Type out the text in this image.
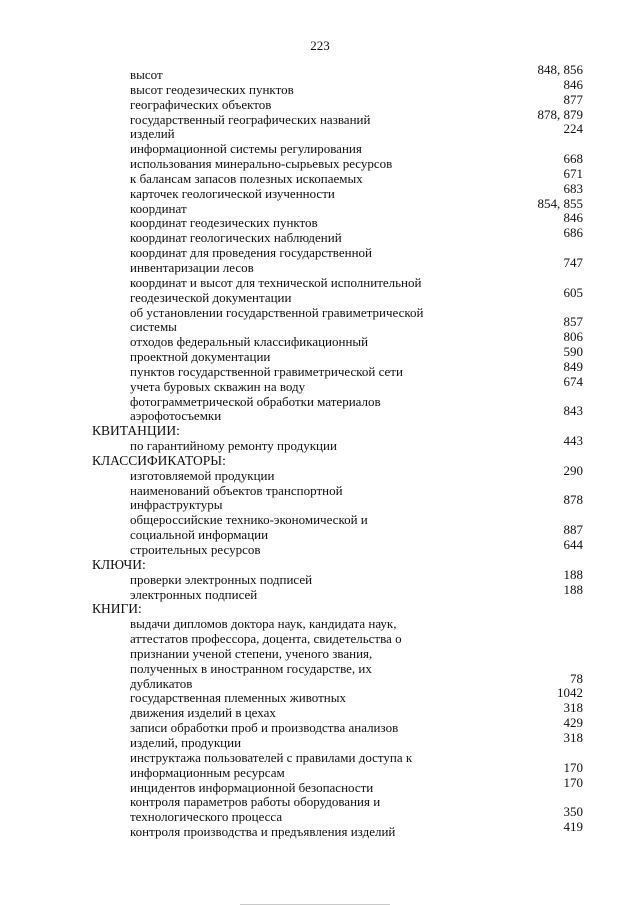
223
высот	848, 856
высот геодезических пунктов	846
географических объектов	877
государственный географических названий	878, 879
изделий	224
информационной системы регулирования
использования минерально-сырьевых ресурсов	668
к балансам запасов полезных ископаемых	671
карточек геологической изученности	683
координат	854, 855
координат геодезических пунктов	846
координат геологических наблюдений	686
координат для проведения государственной
инвентаризации лесов	747
координат и высот для технической исполнительной
геодезической документации	605
об установлении государственной гравиметрической
системы	857
отходов федеральный классификационный	806
проектной документации	590
пунктов государственной гравиметрической сети	849
учета буровых скважин на воду	674
фотограмметрической обработки материалов
аэрофотосъемки	843
КВИТАНЦИИ:
по гарантийному ремонту продукции	443
КЛАССИФИКАТОРЫ:
изготовляемой продукции	290
наименований объектов транспортной
инфраструктуры	878
общероссийские технико-экономической и
социальной информации	887
строительных ресурсов	644
КЛЮЧИ:
проверки электронных подписей	188
электронных подписей	188
КНИГИ:
выдачи дипломов доктора наук, кандидата наук,
аттестатов профессора, доцента, свидетельства о
признании ученой степени, ученого звания,
полученных в иностранном государстве, их
дубликатов	78
государственная племенных животных	1042
движения изделий в цехах	318
записи обработки проб и производства анализов	429
изделий, продукции	318
инструктажа пользователей с правилами доступа к
информационным ресурсам	170
инцидентов информационной безопасности	170
контроля параметров работы оборудования и
технологического процесса	350
контроля производства и предъявления изделий	419
